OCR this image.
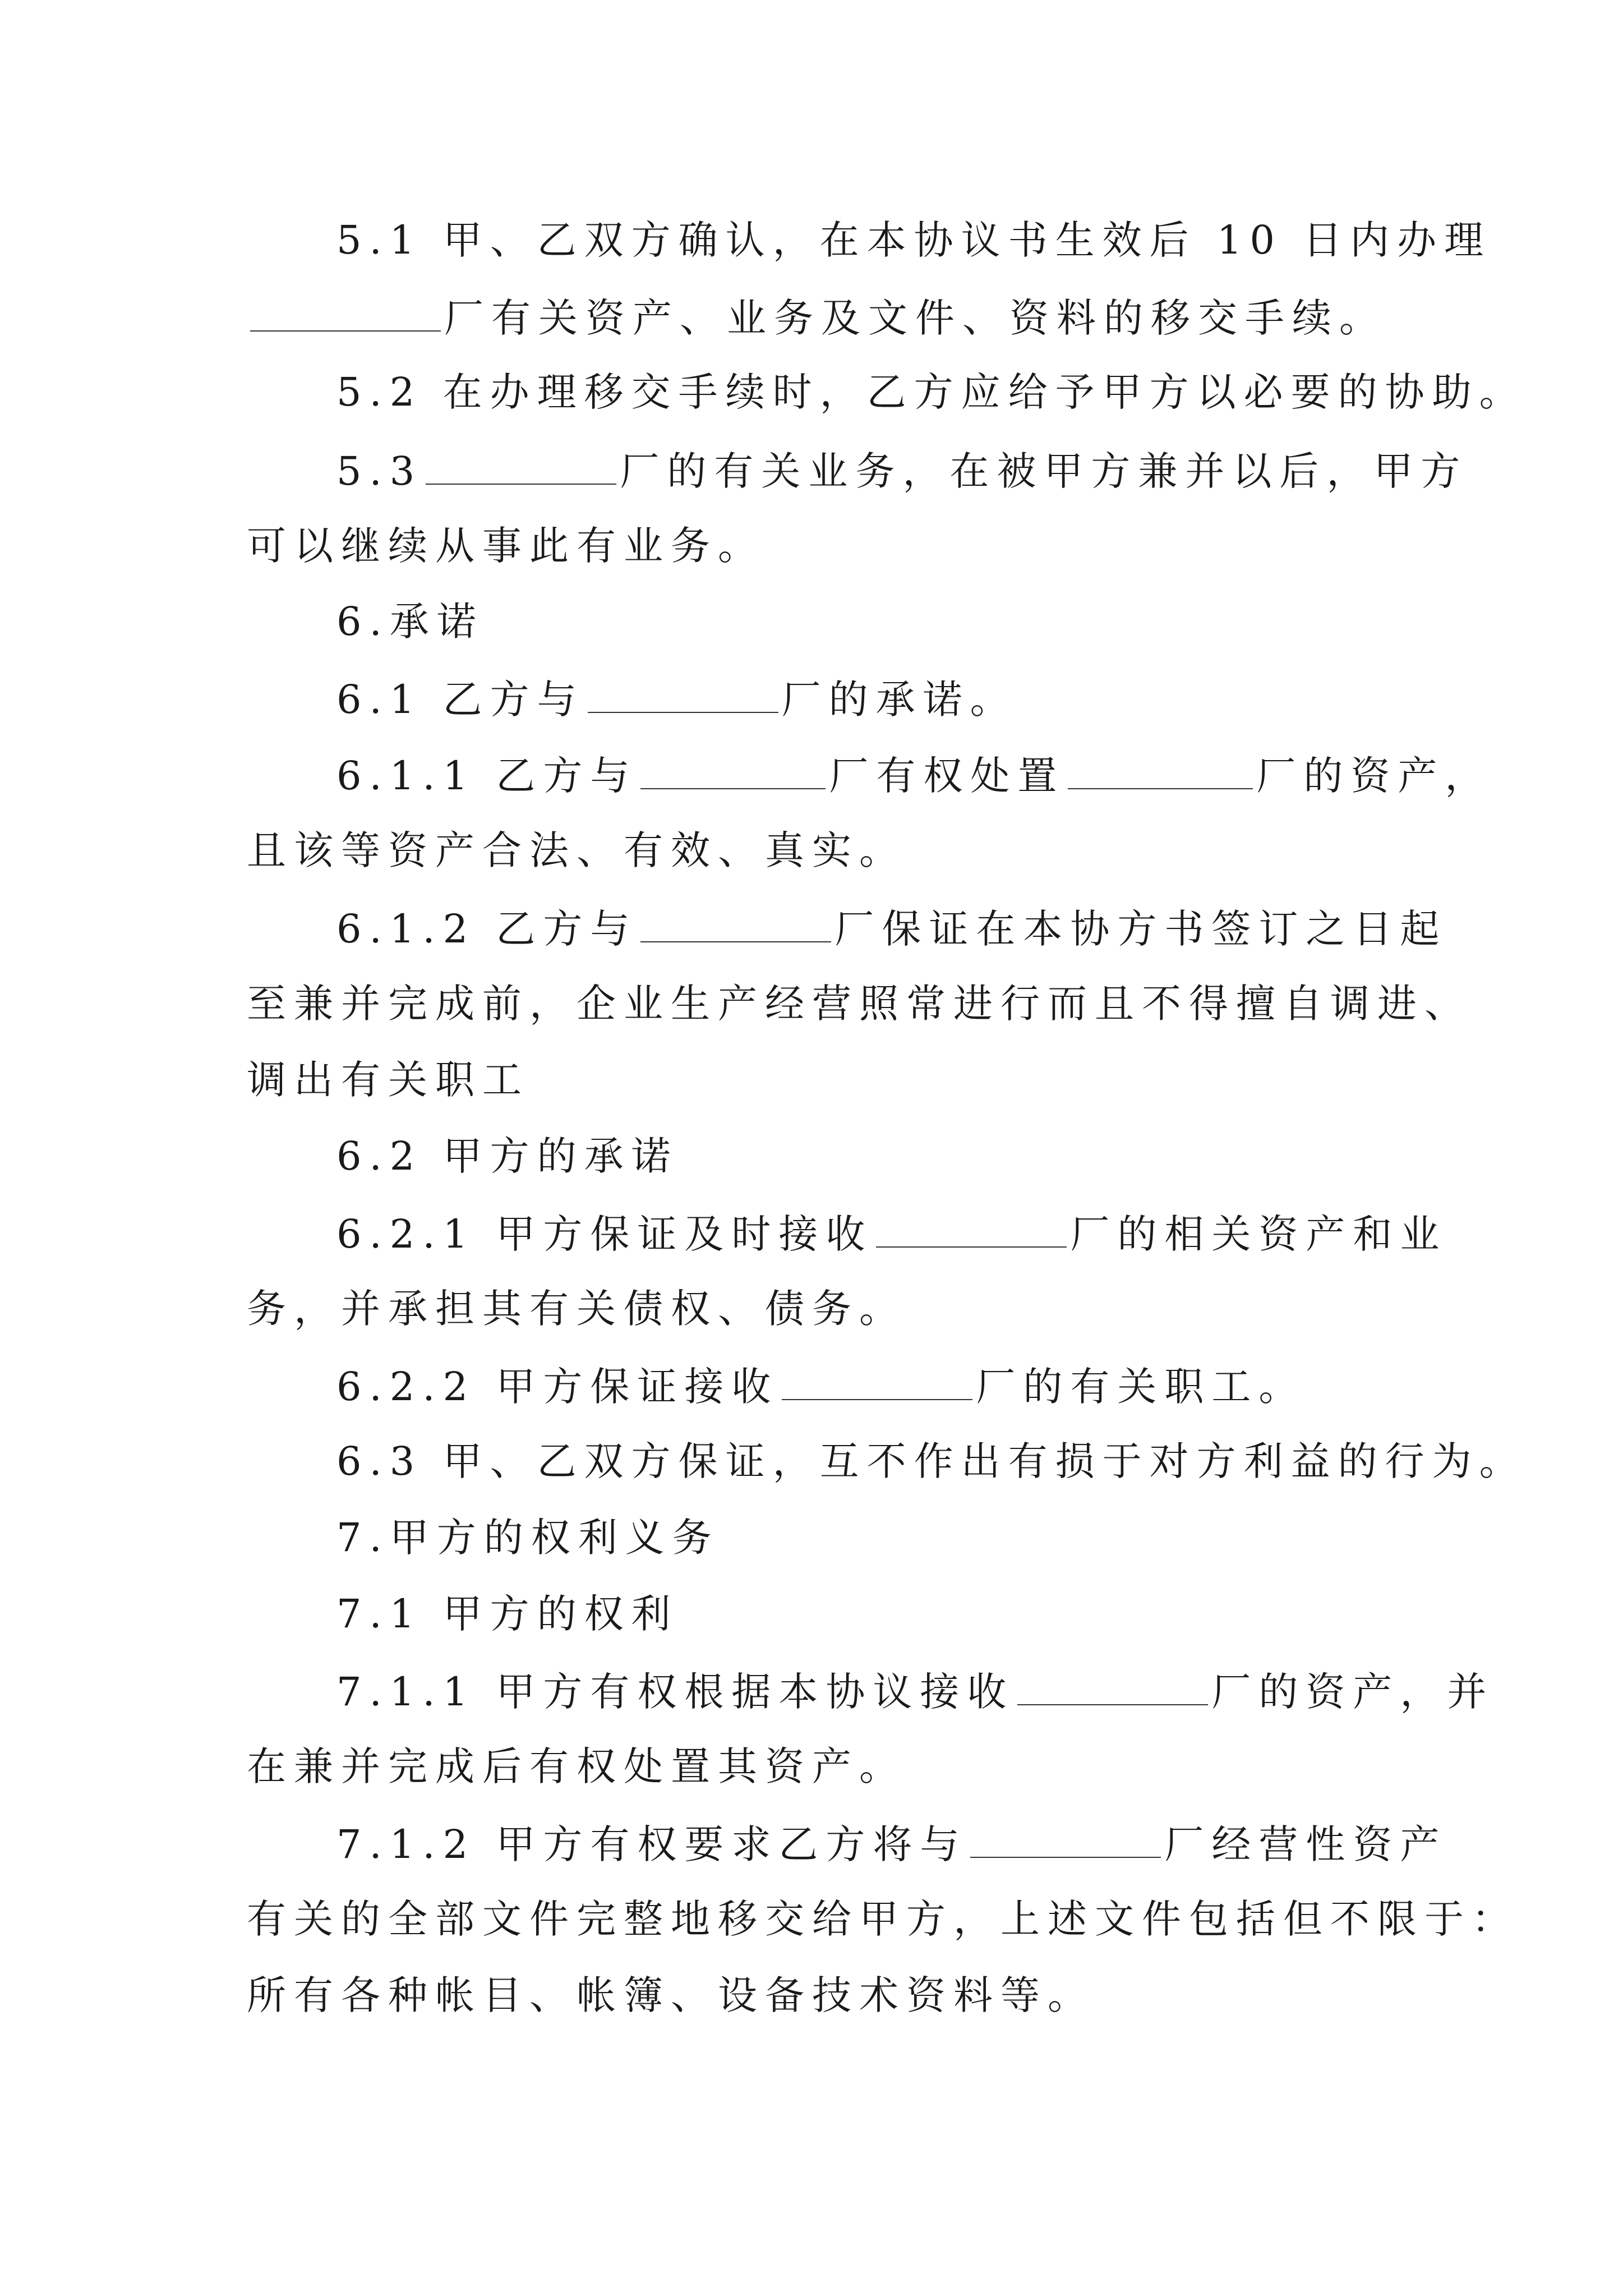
5.1 甲、乙双方确认，在本协议书生效后 10 日内办理
厂有关资产、业务及文件、资料的移交手续。
5.2 在办理移交手续时，乙方应给予甲方以必要的协助。
5.3	厂的有关业务，在被甲方兼并以后，甲方
可以继续从事此有业务。
6.承诺
6.1 乙方与	厂的承诺。
6.1.1 乙方与	厂有权处置	厂的资产，
且该等资产合法、有效、真实。
6.1.2 乙方与	厂保证在本协方书签订之日起
至兼并完成前，企业生产经营照常进行而且不得擅自调进、
调出有关职工
6.2 甲方的承诺
6.2.1 甲方保证及时接收	厂的相关资产和业
务，并承担其有关债权、债务。
6.2.2 甲方保证接收	厂的有关职工。
6.3 甲、乙双方保证，互不作出有损于对方利益的行为。
7.甲方的权利义务
7.1 甲方的权利
7.1.1 甲方有权根据本协议接收	厂的资产，并
在兼并完成后有权处置其资产。
7.1.2 甲方有权要求乙方将与	厂经营性资产
有关的全部文件完整地移交给甲方，上述文件包括但不限于：
所有各种帐目、帐簿、设备技术资料等。
